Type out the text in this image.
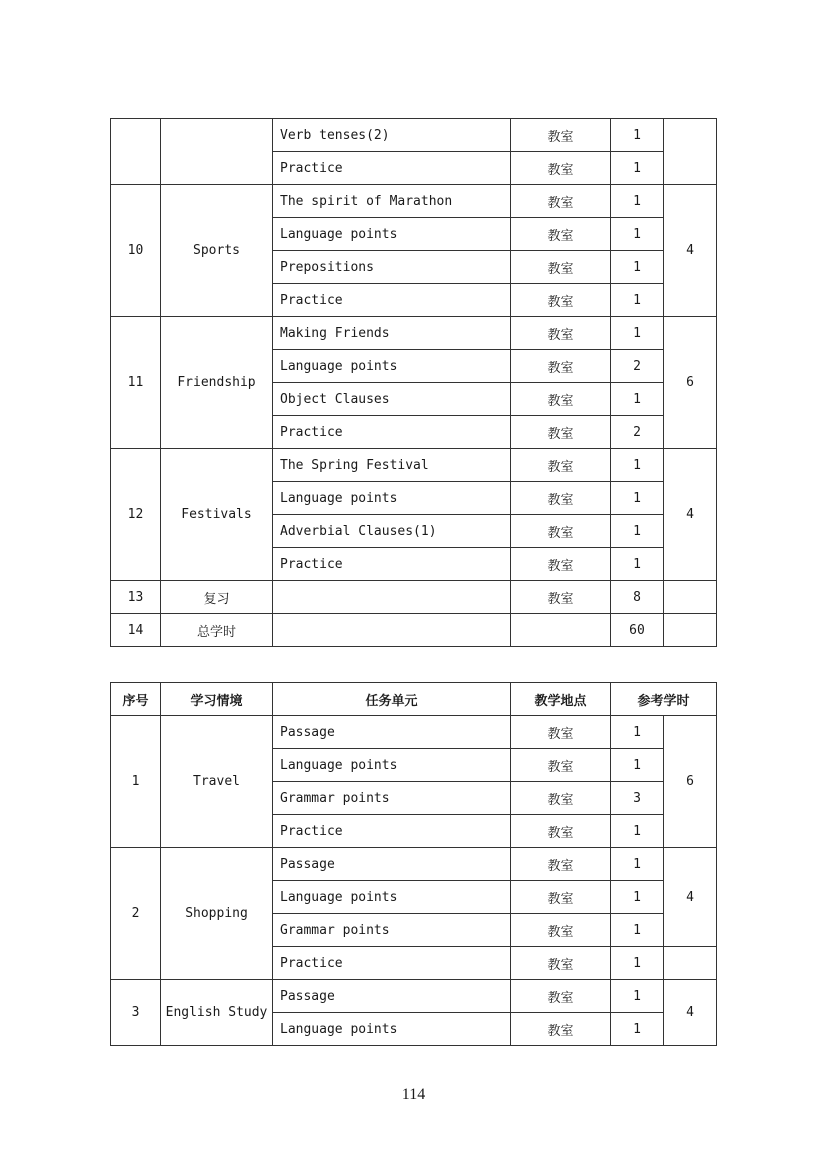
		Verb tenses(2)	教室	1	
		Practice	教室	1	
10	Sports	The spirit of Marathon	教室	1	4
		Language points	教室	1	
		Prepositions	教室	1	
		Practice	教室	1	
11	Friendship	Making Friends	教室	1	6
		Language points	教室	2	
		Object Clauses	教室	1	
		Practice	教室	2	
12	Festivals	The Spring Festival	教室	1	4
		Language points	教室	1	
		Adverbial Clauses(1)	教室	1	
		Practice	教室	1	
13	复习		教室	8	
14	总学时			60	
序号	学习情境	任务单元	教学地点	参考学时	
1	Travel	Passage	教室	1	6
		Language points	教室	1	
		Grammar points	教室	3	
		Practice	教室	1	
2	Shopping	Passage	教室	1	4
		Language points	教室	1	
		Grammar points	教室	1	
		Practice	教室	1	
3	English Study	Passage	教室	1	4
		Language points	教室	1	
114
